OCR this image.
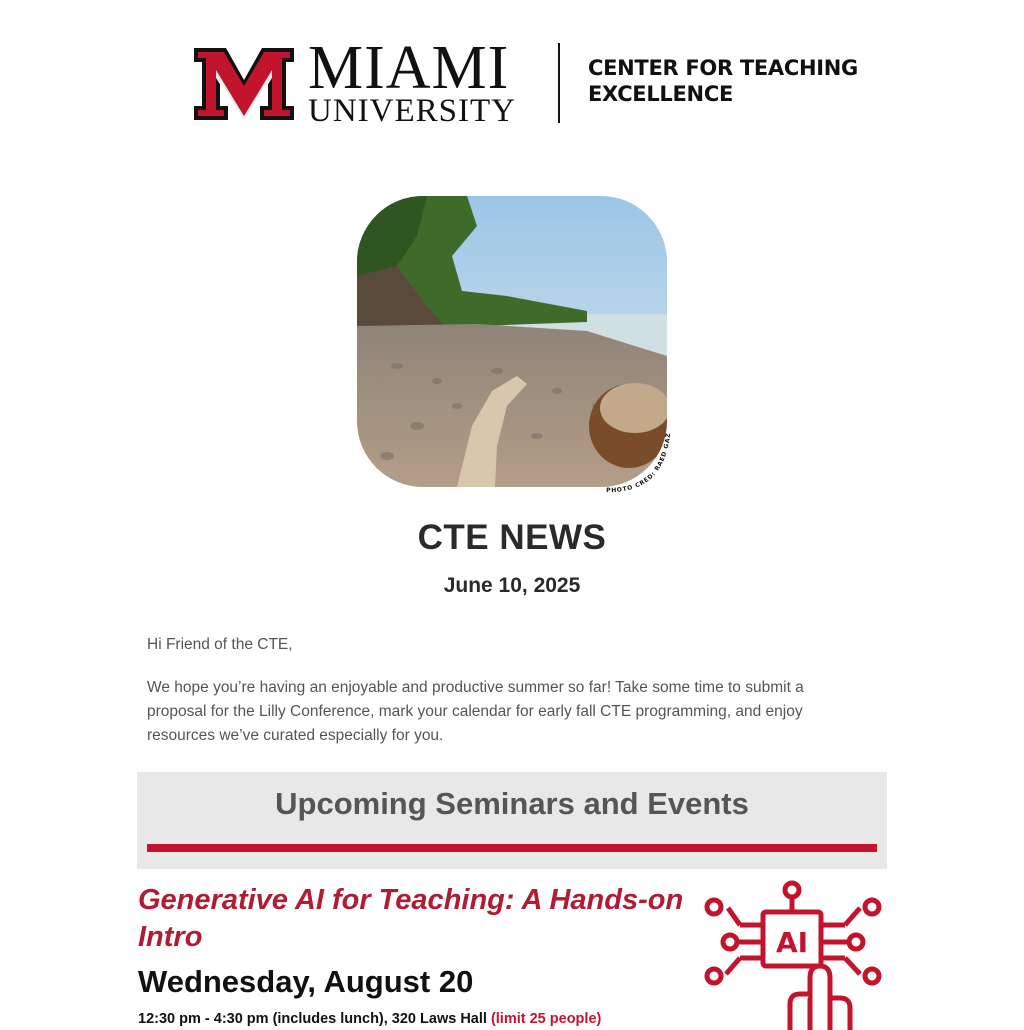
MIAMI
UNIVERSITY
CENTER FOR TEACHING
EXCELLENCE
PHOTO CRED: RAED GAZ
CTE NEWS
June 10, 2025
Hi Friend of the CTE,
We hope you’re having an enjoyable and productive summer so far! Take some time to submit a proposal for the Lilly Conference, mark your calendar for early fall CTE programming, and enjoy resources we’ve curated especially for you.
Upcoming Seminars and Events
Generative AI for Teaching: A Hands-on Intro
Wednesday, August 20
12:30 pm - 4:30 pm (includes lunch), 320 Laws Hall (limit 25 people)
AI
